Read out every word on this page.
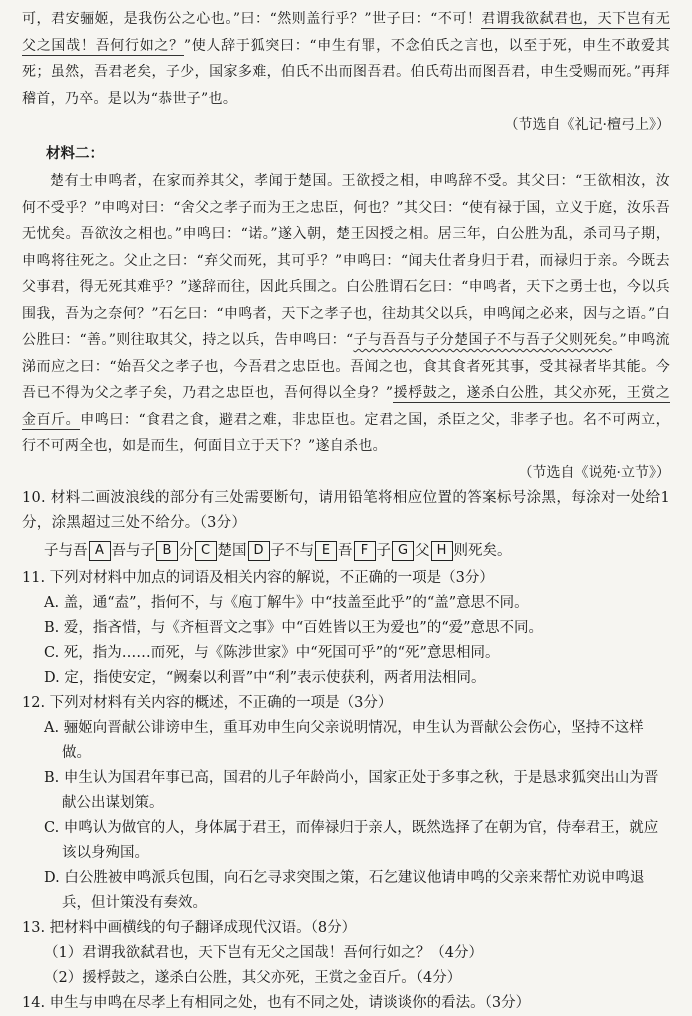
可，君安骊姬，是我伤公之心也。”曰：“然则盖行乎？”世子曰：“不可！君谓我欲弑君也，天下岂有无父之国哉！吾何行如之？”使人辞于狐突曰：“申生有罪，不念伯氏之言也，以至于死，申生不敢爱其死；虽然，吾君老矣，子少，国家多难，伯氏不出而图吾君。伯氏苟出而图吾君，申生受赐而死。”再拜稽首，乃卒。是以为“恭世子”也。

（节选自《礼记·檀弓上》）

材料二：

楚有士申鸣者，在家而养其父，孝闻于楚国。王欲授之相，申鸣辞不受。其父曰：“王欲相汝，汝何不受乎？”申鸣对曰：“舍父之孝子而为王之忠臣，何也？”其父曰：“使有禄于国，立义于庭，汝乐吾无忧矣。吾欲汝之相也。”申鸣曰：“诺。”遂入朝，楚王因授之相。居三年，白公胜为乱，杀司马子期，申鸣将往死之。父止之曰：“弃父而死，其可乎？”申鸣曰：“闻夫仕者身归于君，而禄归于亲。今既去父事君，得无死其难乎？”遂辞而往，因此兵围之。白公胜谓石乞曰：“申鸣者，天下之勇士也，今以兵围我，吾为之奈何？”石乞曰：“申鸣者，天下之孝子也，往劫其父以兵，申鸣闻之必来，因与之语。”白公胜曰：“善。”则往取其父，持之以兵，告申鸣曰：“子与吾吾与子分楚国子不与吾子父则死矣。”申鸣流涕而应之曰：“始吾父之孝子也，今吾君之忠臣也。吾闻之也，食其食者死其事，受其禄者毕其能。今吾已不得为父之孝子矣，乃君之忠臣也，吾何得以全身？”援桴鼓之，遂杀白公胜，其父亦死，王赏之金百斤。申鸣曰：“食君之食，避君之难，非忠臣也。定君之国，杀臣之父，非孝子也。名不可两立，行不可两全也，如是而生，何面目立于天下？”遂自杀也。

（节选自《说苑·立节》）

10. 材料二画波浪线的部分有三处需要断句，请用铅笔将相应位置的答案标号涂黑，每涂对一处给1分，涂黑超过三处不给分。（3分）

子与吾 A 吾与子 B 分 C 楚国 D 子不与 E 吾 F 子 G 父 H 则死矣。

11. 下列对材料中加点的词语及相关内容的解说，不正确的一项是（3分）

A. 盖，通“盍”，指何不，与《庖丁解牛》中“技盖至此乎”的“盖”意思不同。

B. 爱，指吝惜，与《齐桓晋文之事》中“百姓皆以王为爱也”的“爱”意思不同。

C. 死，指为……而死，与《陈涉世家》中“死国可乎”的“死”意思相同。

D. 定，指使安定，“阙秦以利晋”中“利”表示使获利，两者用法相同。

12. 下列对材料有关内容的概述，不正确的一项是（3分）

A. 骊姬向晋献公诽谤申生，重耳劝申生向父亲说明情况，申生认为晋献公会伤心，坚持不这样做。

B. 申生认为国君年事已高，国君的儿子年龄尚小，国家正处于多事之秋，于是恳求狐突出山为晋献公出谋划策。

C. 申鸣认为做官的人，身体属于君王，而俸禄归于亲人，既然选择了在朝为官，侍奉君王，就应该以身殉国。

D. 白公胜被申鸣派兵包围，向石乞寻求突围之策，石乞建议他请申鸣的父亲来帮忙劝说申鸣退兵，但计策没有奏效。

13. 把材料中画横线的句子翻译成现代汉语。（8分）

（1）君谓我欲弑君也，天下岂有无父之国哉！吾何行如之？（4分）

（2）援桴鼓之，遂杀白公胜，其父亦死，王赏之金百斤。（4分）

14. 申生与申鸣在尽孝上有相同之处，也有不同之处，请谈谈你的看法。（3分）
